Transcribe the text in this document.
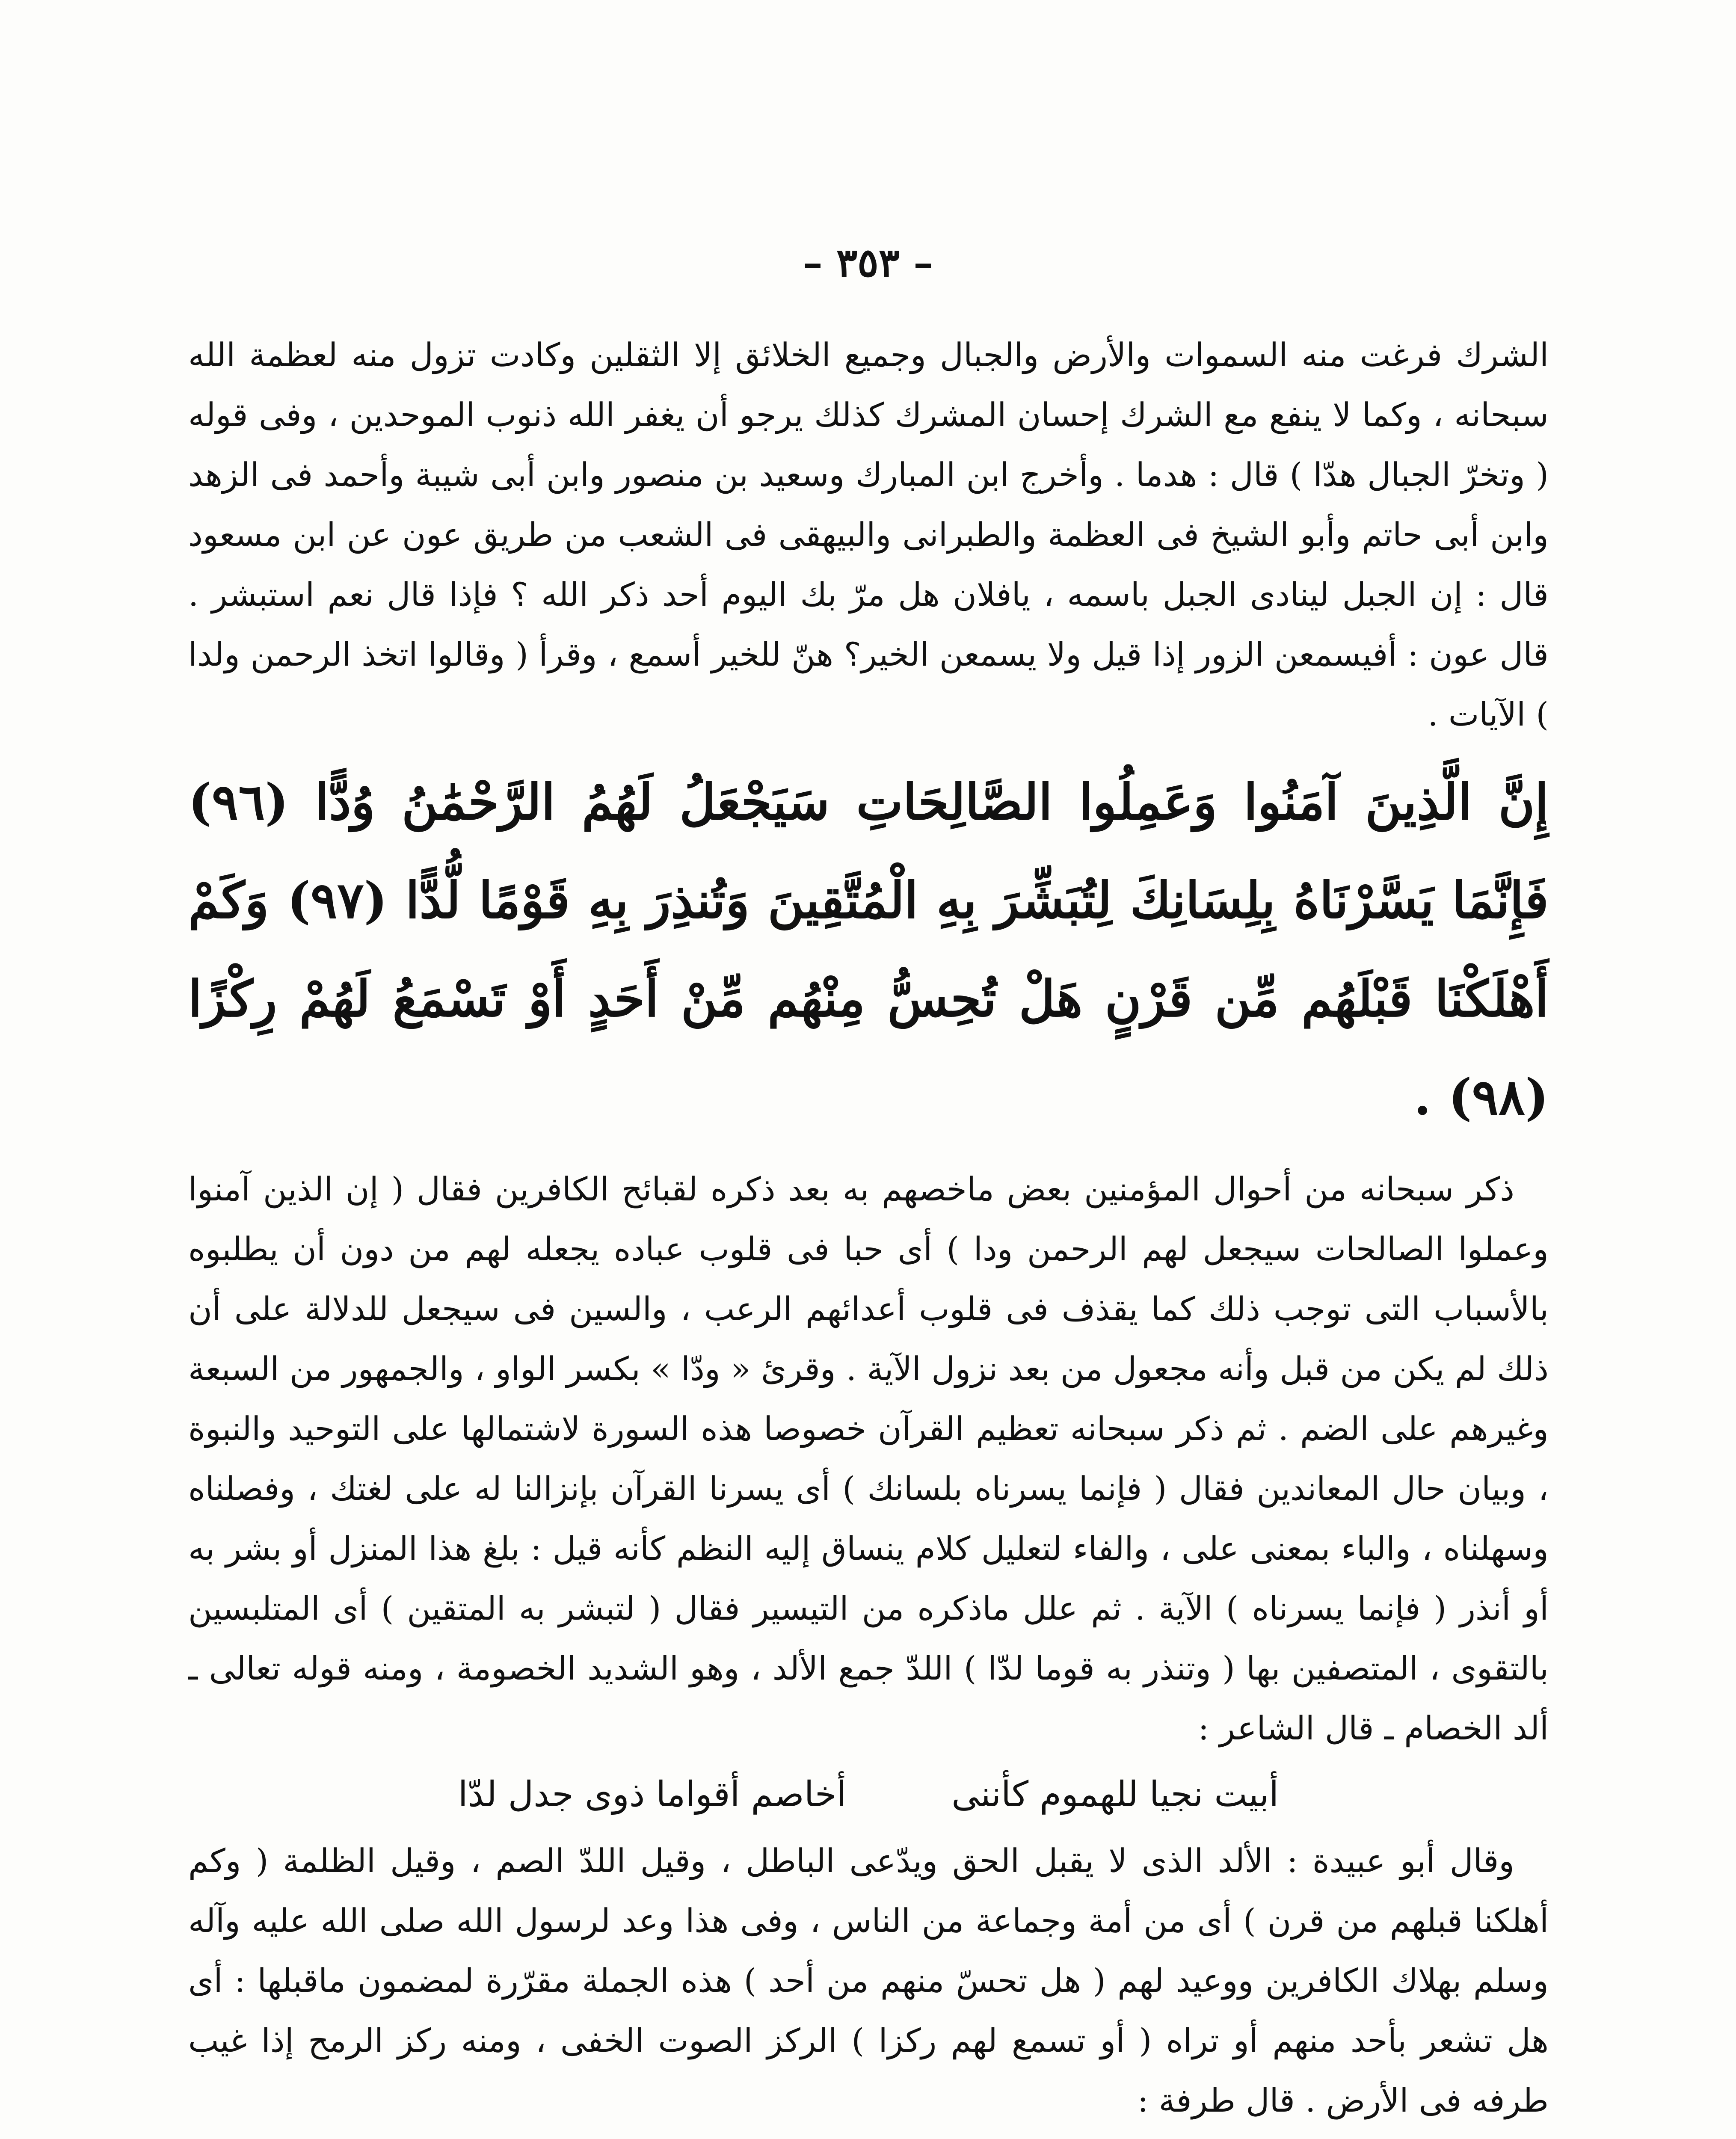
– ٣٥٣ –

الشرك فرغت منه السموات والأرض والجبال وجميع الخلائق إلا الثقلين وكادت تزول منه لعظمة الله سبحانه ، وكما لا ينفع مع الشرك إحسان المشرك كذلك يرجو أن يغفر الله ذنوب الموحدين ، وفى قوله ( وتخرّ الجبال هدّا ) قال : هدما . وأخرج ابن المبارك وسعيد بن منصور وابن أبى شيبة وأحمد فى الزهد وابن أبى حاتم وأبو الشيخ فى العظمة والطبرانى والبيهقى فى الشعب من طريق عون عن ابن مسعود قال : إن الجبل لينادى الجبل باسمه ، يافلان هل مرّ بك اليوم أحد ذكر الله ؟ فإذا قال نعم استبشر . قال عون : أفيسمعن الزور إذا قيل ولا يسمعن الخير؟ هنّ للخير أسمع ، وقرأ ( وقالوا اتخذ الرحمن ولدا ) الآيات .

إِنَّ الَّذِينَ آمَنُوا وَعَمِلُوا الصَّالِحَاتِ سَيَجْعَلُ لَهُمُ الرَّحْمَٰنُ وُدًّا (٩٦) فَإِنَّمَا يَسَّرْنَاهُ بِلِسَانِكَ لِتُبَشِّرَ بِهِ الْمُتَّقِينَ وَتُنذِرَ بِهِ قَوْمًا لُّدًّا (٩٧) وَكَمْ أَهْلَكْنَا قَبْلَهُم مِّن قَرْنٍ هَلْ تُحِسُّ مِنْهُم مِّنْ أَحَدٍ أَوْ تَسْمَعُ لَهُمْ رِكْزًا (٩٨) .

ذكر سبحانه من أحوال المؤمنين بعض ماخصهم به بعد ذكره لقبائح الكافرين فقال ( إن الذين آمنوا وعملوا الصالحات سيجعل لهم الرحمن ودا ) أى حبا فى قلوب عباده يجعله لهم من دون أن يطلبوه بالأسباب التى توجب ذلك كما يقذف فى قلوب أعدائهم الرعب ، والسين فى سيجعل للدلالة على أن ذلك لم يكن من قبل وأنه مجعول من بعد نزول الآية . وقرئ « ودّا » بكسر الواو ، والجمهور من السبعة وغيرهم على الضم . ثم ذكر سبحانه تعظيم القرآن خصوصا هذه السورة لاشتمالها على التوحيد والنبوة ، وبيان حال المعاندين فقال ( فإنما يسرناه بلسانك ) أى يسرنا القرآن بإنزالنا له على لغتك ، وفصلناه وسهلناه ، والباء بمعنى على ، والفاء لتعليل كلام ينساق إليه النظم كأنه قيل : بلغ هذا المنزل أو بشر به أو أنذر ( فإنما يسرناه ) الآية . ثم علل ماذكره من التيسير فقال ( لتبشر به المتقين ) أى المتلبسين بالتقوى ، المتصفين بها ( وتنذر به قوما لدّا ) اللدّ جمع الألد ، وهو الشديد الخصومة ، ومنه قوله تعالى ـ ألد الخصام ـ قال الشاعر :

أبيت نجيا للهموم كأننى أخاصم أقواما ذوى جدل لدّا

وقال أبو عبيدة : الألد الذى لا يقبل الحق ويدّعى الباطل ، وقيل اللدّ الصم ، وقيل الظلمة ( وكم أهلكنا قبلهم من قرن ) أى من أمة وجماعة من الناس ، وفى هذا وعد لرسول الله صلى الله عليه وآله وسلم بهلاك الكافرين ووعيد لهم ( هل تحسّ منهم من أحد ) هذه الجملة مقرّرة لمضمون ماقبلها : أى هل تشعر بأحد منهم أو تراه ( أو تسمع لهم ركزا ) الركز الصوت الخفى ، ومنه ركز الرمح إذا غيب طرفه فى الأرض . قال طرفة :
